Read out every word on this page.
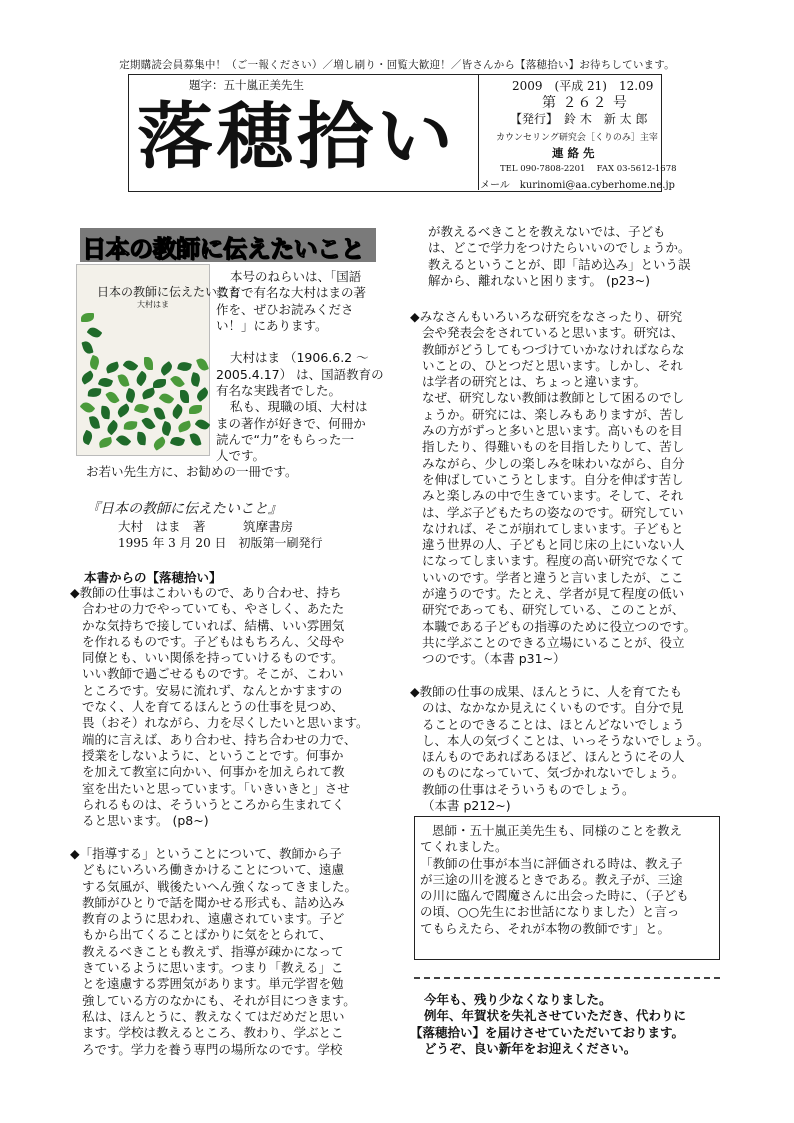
定期購読会員募集中！（ご一報ください）／増し刷り・回覧大歓迎！／皆さんから【落穂拾い】お待ちしています。
題字：五十嵐正美先生
落穂拾い
2009　(平成 21)　12.09
第 ２６２ 号
【発行】　鈴 木　新 太 郎
カウンセリング研究会［くりのみ］主宰
連 絡 先
TEL 090-7808-2201　 FAX 03-5612-1678
メール　kurinomi@aa.cyberhome.ne.jp
日本の教師に伝えたいこと
日本の教師に伝えたいこと
大村はま
本号のねらいは、「国語
教育で有名な大村はまの著
作を、ぜひお読みくださ
い！」にあります。

大村はま （1906.6.2 ～
2005.4.17） は、国語教育の
有名な実践者でした。
私も、現職の頃、大村は
まの著作が好きで、何冊か
読んで“力”をもらった一
人です。
お若い先生方に、お勧めの一冊です。
『日本の教師に伝えたいこと』
大村　はま　著　　　筑摩書房
1995 年 3 月 20 日　初版第一刷発行
本書からの【落穂拾い】
◆教師の仕事はこわいもので、あり合わせ、持ち
合わせの力でやっていても、やさしく、あたた
かな気持ちで接していれば、結構、いい雰囲気
を作れるものです。子どもはもちろん、父母や
同僚とも、いい関係を持っていけるものです。
いい教師で過ごせるものです。そこが、こわい
ところです。安易に流れず、なんとかすますの
でなく、人を育てるほんとうの仕事を見つめ、
畏（おそ）れながら、力を尽くしたいと思います。
端的に言えば、あり合わせ、持ち合わせの力で、
授業をしないように、ということです。何事か
を加えて教室に向かい、何事かを加えられて教
室を出たいと思っています。「いきいきと」させ
られるものは、そういうところから生まれてく
ると思います。 (p8~)
◆「指導する」ということについて、教師から子
どもにいろいろ働きかけることについて、遠慮
する気風が、戦後たいへん強くなってきました。
教師がひとりで話を聞かせる形式も、詰め込み
教育のように思われ、遠慮されています。子ど
もから出てくることばかりに気をとられて、
教えるべきことも教えず、指導が疎かになって
きているように思います。つまり「教える」こ
とを遠慮する雰囲気があります。単元学習を勉
強している方のなかにも、それが目につきます。
私は、ほんとうに、教えなくてはだめだと思い
ます。学校は教えるところ、教わり、学ぶとこ
ろです。学力を養う専門の場所なのです。学校
が教えるべきことを教えないでは、子ども
は、どこで学力をつけたらいいのでしょうか。
教えるということが、即「詰め込み」という誤
解から、離れないと困ります。 (p23~)
◆みなさんもいろいろな研究をなさったり、研究
会や発表会をされていると思います。研究は、
教師がどうしてもつづけていかなければならな
いことの、ひとつだと思います。しかし、それ
は学者の研究とは、ちょっと違います。
なぜ、研究しない教師は教師として困るのでし
ょうか。研究には、楽しみもありますが、苦し
みの方がずっと多いと思います。高いものを目
指したり、得難いものを目指したりして、苦し
みながら、少しの楽しみを味わいながら、自分
を伸ばしていこうとします。自分を伸ばす苦し
みと楽しみの中で生きています。そして、それ
は、学ぶ子どもたちの姿なのです。研究してい
なければ、そこが崩れてしまいます。子どもと
違う世界の人、子どもと同じ床の上にいない人
になってしまいます。程度の高い研究でなくて
いいのです。学者と違うと言いましたが、ここ
が違うのです。たとえ、学者が見て程度の低い
研究であっても、研究している、このことが、
本職である子どもの指導のために役立つのです。
共に学ぶことのできる立場にいることが、役立
つのです。（本書 p31~）
◆教師の仕事の成果、ほんとうに、人を育てたも
のは、なかなか見えにくいものです。自分で見
ることのできることは、ほとんどないでしょう
し、本人の気づくことは、いっそうないでしょう。
ほんものであればあるほど、ほんとうにその人
のものになっていて、気づかれないでしょう。
教師の仕事はそういうものでしょう。
（本書 p212~)
恩師・五十嵐正美先生も、同様のことを教え
てくれました。
「教師の仕事が本当に評価される時は、教え子
が三途の川を渡るときである。教え子が、三途
の川に臨んで閻魔さんに出会った時に、（子ども
の頃、○○先生にお世話になりました）と言っ
てもらえたら、それが本物の教師です」と。
今年も、残り少なくなりました。
例年、年賀状を失礼させていただき、代わりに
【落穂拾い】を届けさせていただいております。
どうぞ、良い新年をお迎えください。
